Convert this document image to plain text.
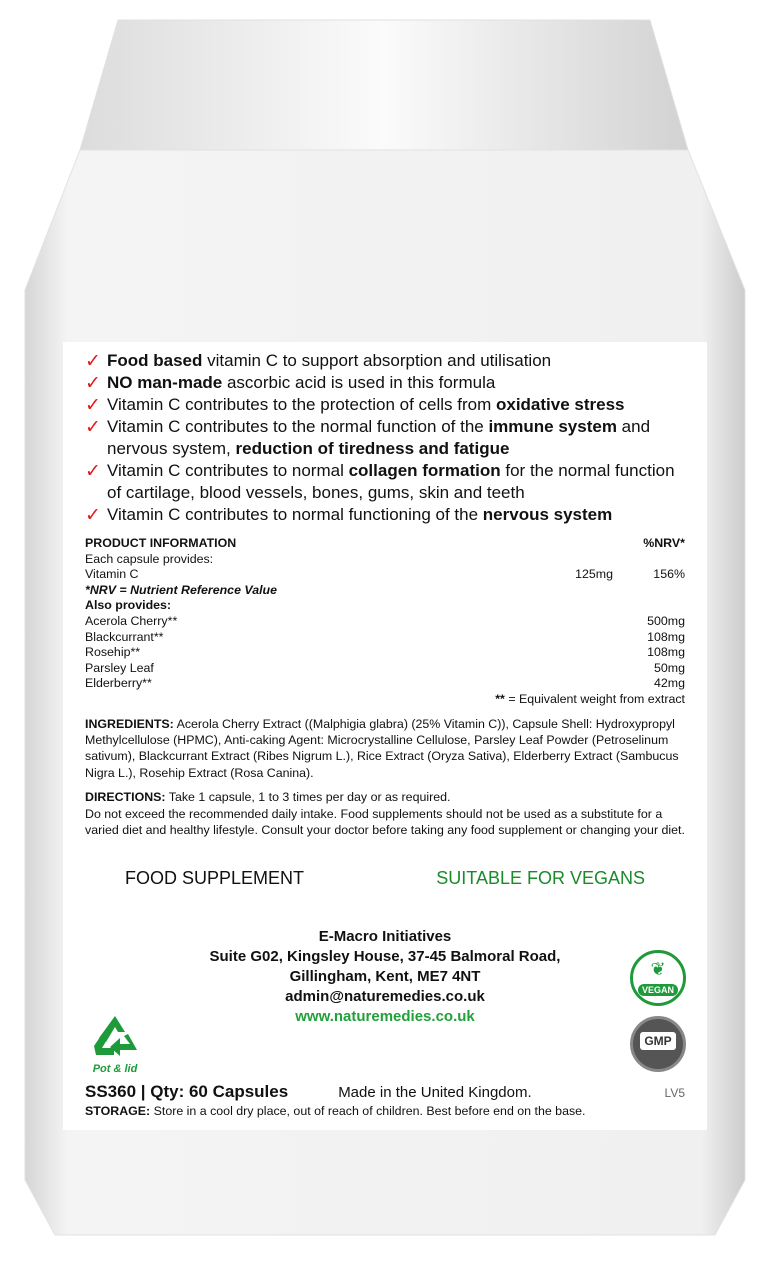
✓ Food based vitamin C to support absorption and utilisation
✓ NO man-made ascorbic acid is used in this formula
✓ Vitamin C contributes to the protection of cells from oxidative stress
✓ Vitamin C contributes to the normal function of the immune system and nervous system, reduction of tiredness and fatigue
✓ Vitamin C contributes to normal collagen formation for the normal function of cartilage, blood vessels, bones, gums, skin and teeth
✓ Vitamin C contributes to normal functioning of the nervous system
PRODUCT INFORMATION	%NRV*
Each capsule provides:
Vitamin C	125mg	156%
*NRV = Nutrient Reference Value
Also provides:
Acerola Cherry**	500mg
Blackcurrant**	108mg
Rosehip**	108mg
Parsley Leaf	50mg
Elderberry**	42mg
** = Equivalent weight from extract
INGREDIENTS: Acerola Cherry Extract ((Malphigia glabra) (25% Vitamin C)), Capsule Shell: Hydroxypropyl Methylcellulose (HPMC), Anti-caking Agent: Microcrystalline Cellulose, Parsley Leaf Powder (Petroselinum sativum), Blackcurrant Extract (Ribes Nigrum L.), Rice Extract (Oryza Sativa), Elderberry Extract (Sambucus Nigra L.), Rosehip Extract (Rosa Canina).
DIRECTIONS: Take 1 capsule, 1 to 3 times per day or as required.
Do not exceed the recommended daily intake. Food supplements should not be used as a substitute for a varied diet and healthy lifestyle. Consult your doctor before taking any food supplement or changing your diet.
FOOD SUPPLEMENT	SUITABLE FOR VEGANS
E-Macro Initiatives
Suite G02, Kingsley House, 37-45 Balmoral Road,
Gillingham, Kent, ME7 4NT
admin@naturemedies.co.uk
www.naturemedies.co.uk
Pot & lid
❦
VEGAN
GMP
SS360 | Qty: 60 Capsules	Made in the United Kingdom.	LV5
STORAGE: Store in a cool dry place, out of reach of children. Best before end on the base.
